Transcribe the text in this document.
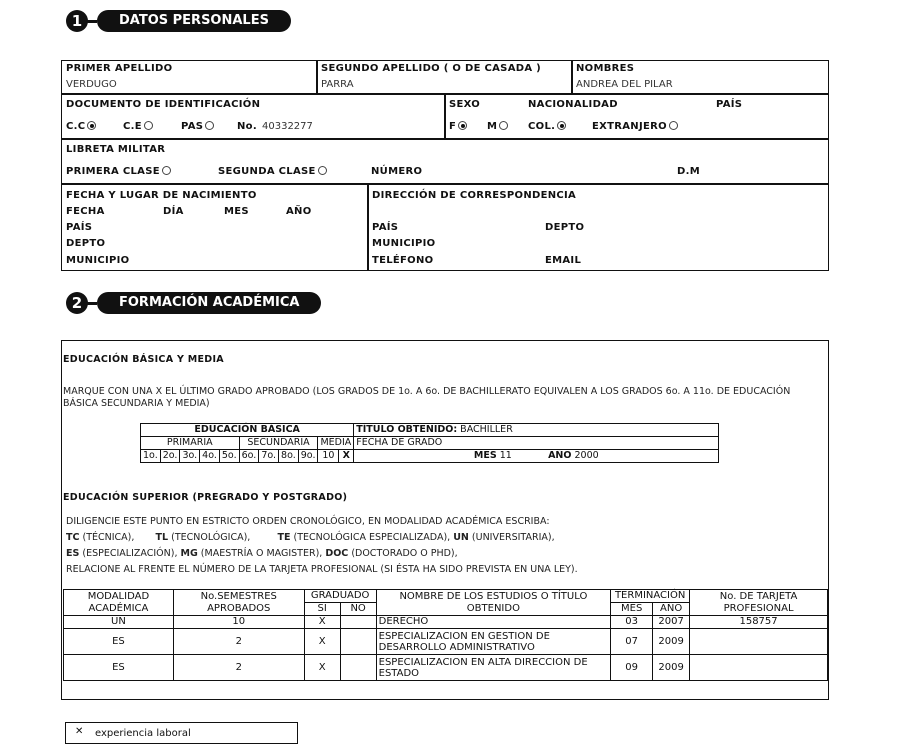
1	DATOS PERSONALES
PRIMER APELLIDO
VERDUGO
SEGUNDO APELLIDO ( O DE CASADA )
PARRA
NOMBRES
ANDREA DEL PILAR
DOCUMENTO DE IDENTIFICACIÓN
C.C	C.E	PAS	No. 40332277
SEXO	NACIONALIDAD	PAÍS
F	M	COL.	EXTRANJERO
LIBRETA MILITAR
PRIMERA CLASE	SEGUNDA CLASE	NÚMERO	D.M
FECHA Y LUGAR DE NACIMIENTO
FECHA	DÍA	MES	AÑO
PAÍS
DEPTO
MUNICIPIO
DIRECCIÓN DE CORRESPONDENCIA
PAÍS	DEPTO
MUNICIPIO
TELÉFONO	EMAIL
2	FORMACIÓN ACADÉMICA
EDUCACIÓN BÁSICA Y MEDIA
MARQUE CON UNA X EL ÚLTIMO GRADO APROBADO (LOS GRADOS DE 1o. A 6o. DE BACHILLERATO EQUIVALEN A LOS GRADOS 6o. A 11o. DE EDUCACIÓN BÁSICA SECUNDARIA Y MEDIA)
EDUCACIÓN BÁSICA											TÍTULO OBTENIDO: BACHILLER
PRIMARIA					SECUNDARIA				MEDIA		FECHA DE GRADO
1o.	2o.	3o.	4o.	5o.	6o.	7o.	8o.	9o.	10	X	MES 11 AÑO 2000
EDUCACIÓN SUPERIOR (PREGRADO Y POSTGRADO)
DILIGENCIE ESTE PUNTO EN ESTRICTO ORDEN CRONOLÓGICO, EN MODALIDAD ACADÉMICA ESCRIBA:
TC (TÉCNICA), TL (TECNOLÓGICA),	TE (TECNOLÓGICA ESPECIALIZADA), UN (UNIVERSITARIA),
ES (ESPECIALIZACIÓN), MG (MAESTRÍA O MAGISTER), DOC (DOCTORADO O PHD),
RELACIONE AL FRENTE EL NÚMERO DE LA TARJETA PROFESIONAL (SI ÉSTA HA SIDO PREVISTA EN UNA LEY).
MODALIDAD ACADÉMICA	No.SEMESTRES APROBADOS	GRADUADO		NOMBRE DE LOS ESTUDIOS O TÍTULO OBTENIDO	TERMINACIÓN		No. DE TARJETA PROFESIONAL
		SI	NO		MES	AÑO	
UN	10	X		DERECHO	03	2007	158757
ES	2	X		ESPECIALIZACION EN GESTION DE DESARROLLO ADMINISTRATIVO	07	2009	
ES	2	X		ESPECIALIZACION EN ALTA DIRECCION DE ESTADO	09	2009	
✕ experiencia laboral
